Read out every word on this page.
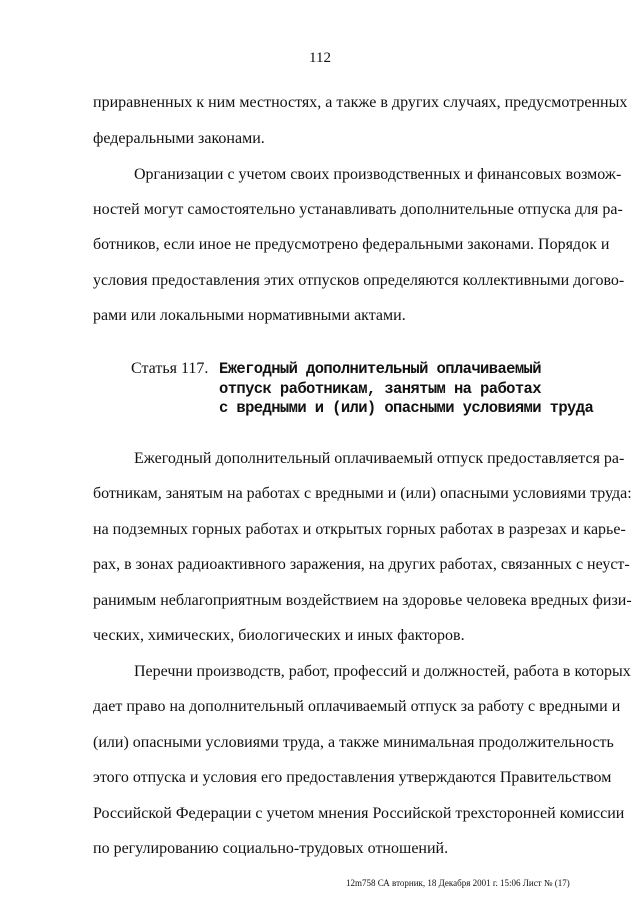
112
приравненных к ним местностях, а также в других случаях, предусмотренных
федеральными законами.
Организации с учетом своих производственных и финансовых возмож-
ностей могут самостоятельно устанавливать дополнительные отпуска для ра-
ботников, если иное не предусмотрено федеральными законами. Порядок и
условия предоставления этих отпусков определяются коллективными догово-
рами или локальными нормативными актами.
Статья 117. Ежегодный дополнительный оплачиваемый
отпуск работникам, занятым на работах
с вредными и (или) опасными условиями труда
Ежегодный дополнительный оплачиваемый отпуск предоставляется ра-
ботникам, занятым на работах с вредными и (или) опасными условиями труда:
на подземных горных работах и открытых горных работах в разрезах и карье-
рах, в зонах радиоактивного заражения, на других работах, связанных с неуст-
ранимым неблагоприятным воздействием на здоровье человека вредных физи-
ческих, химических, биологических и иных факторов.
Перечни производств, работ, профессий и должностей, работа в которых
дает право на дополнительный оплачиваемый отпуск за работу с вредными и
(или) опасными условиями труда, а также минимальная продолжительность
этого отпуска и условия его предоставления утверждаются Правительством
Российской Федерации с учетом мнения Российской трехсторонней комиссии
по регулированию социально-трудовых отношений.
12m758 СА вторник, 18 Декабря 2001 г. 15:06 Лист № (17)
